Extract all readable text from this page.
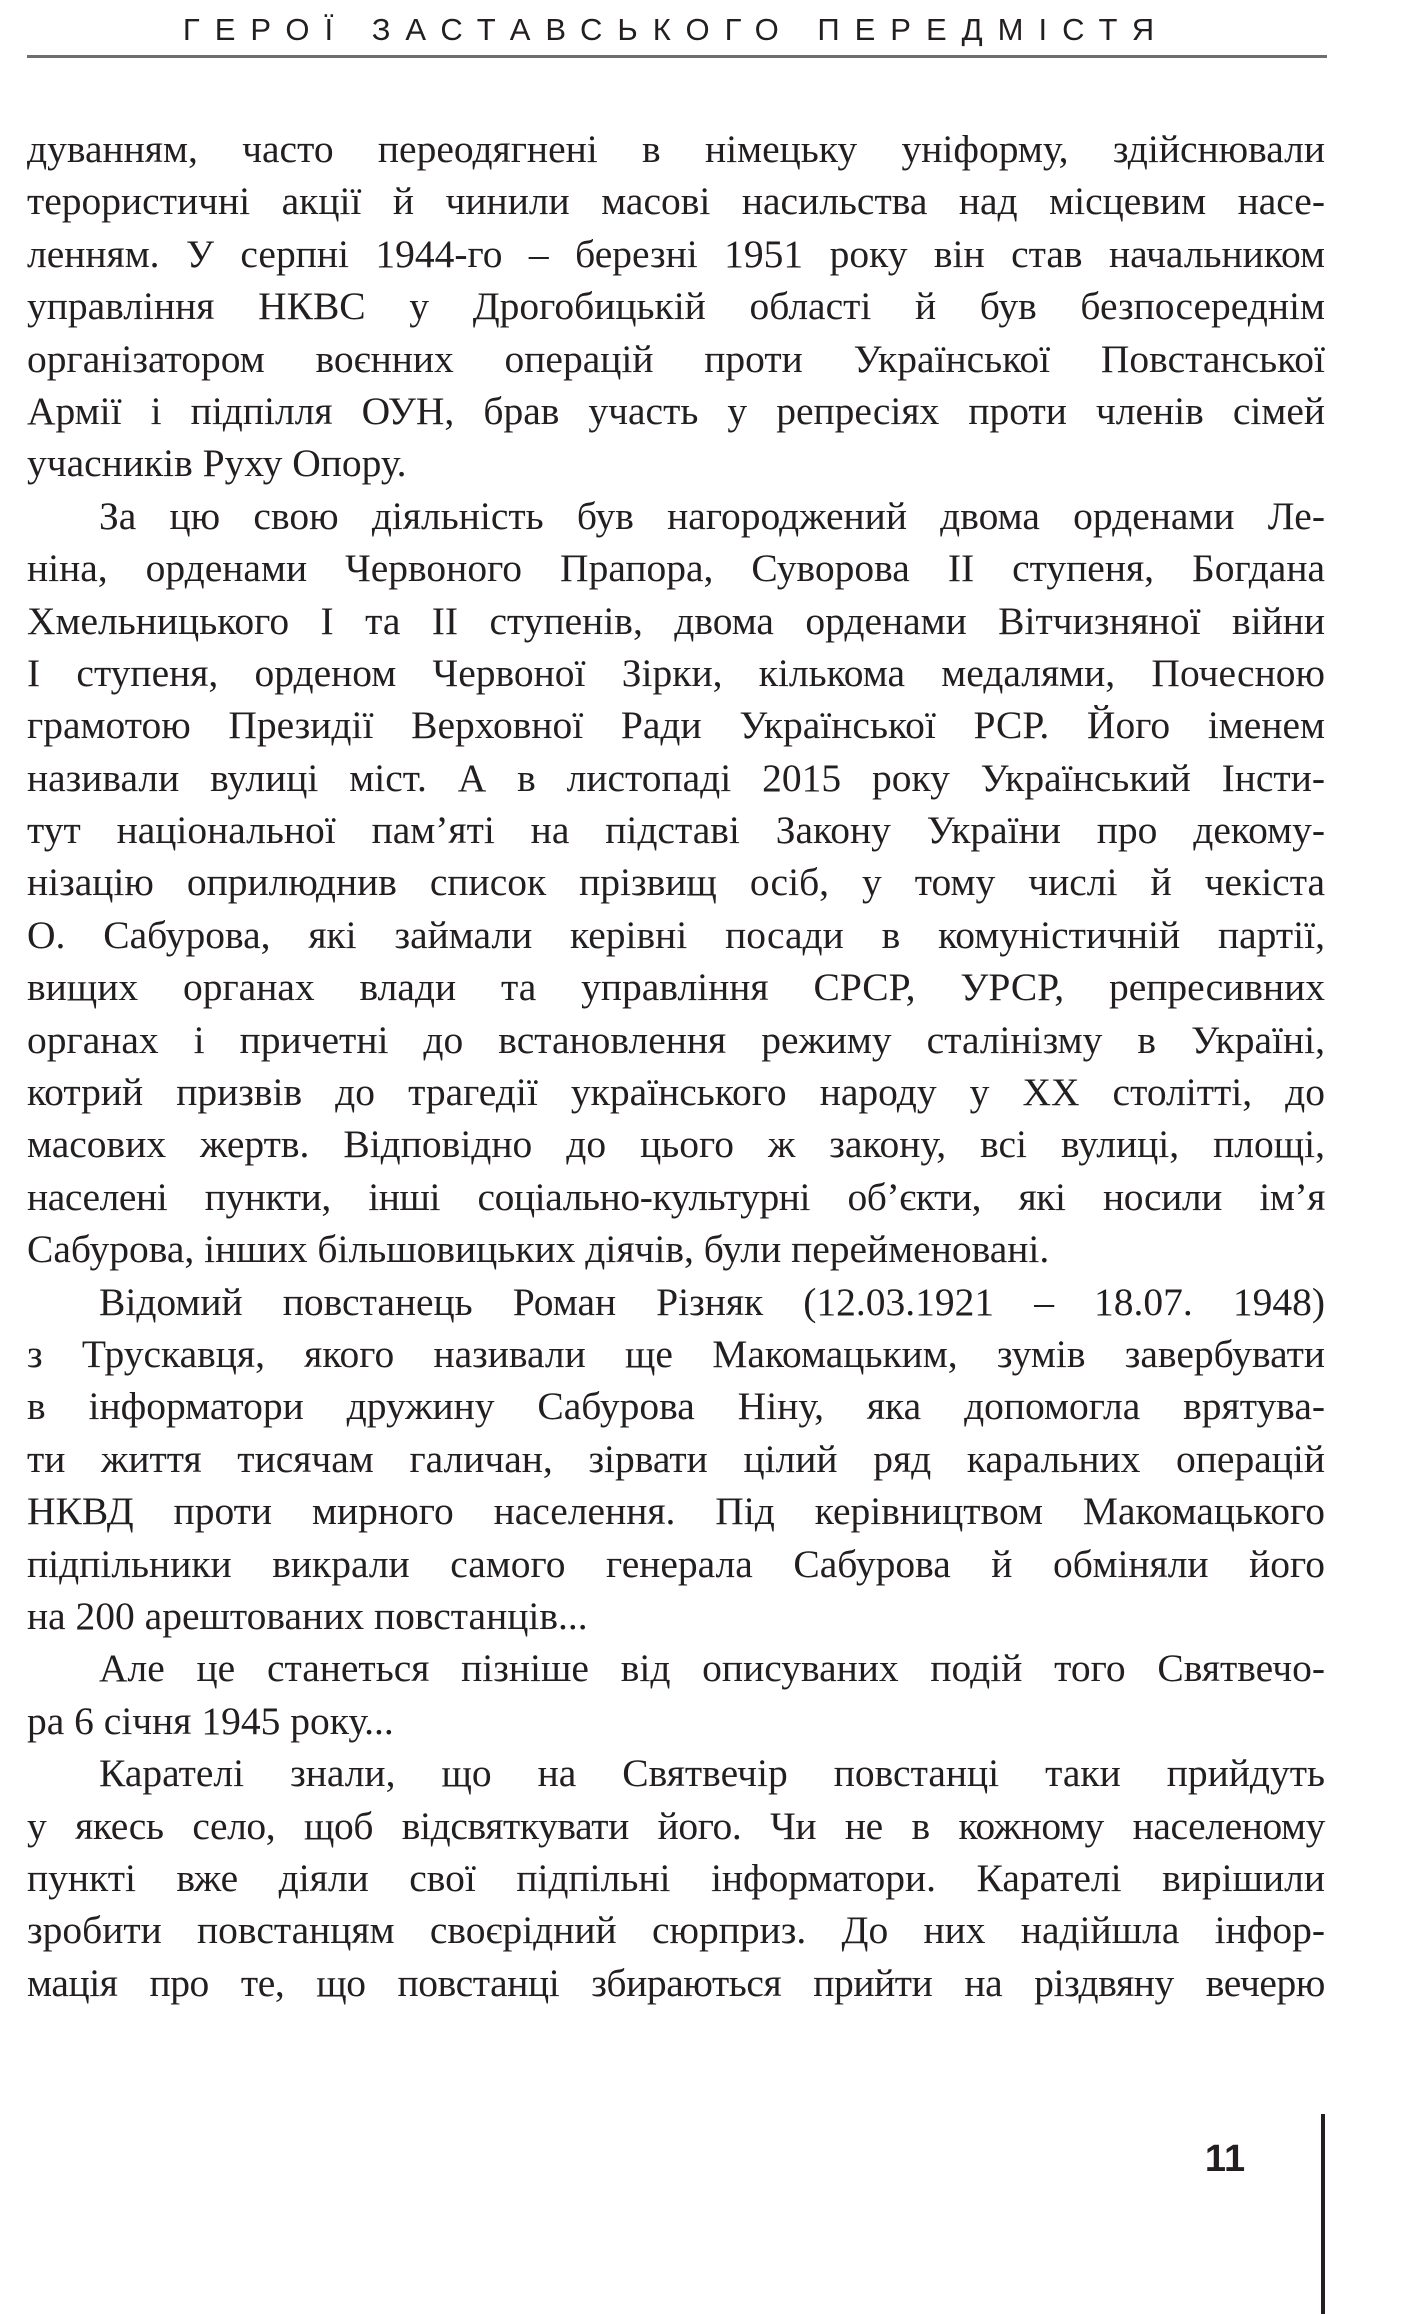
ГЕРОЇ ЗАСТАВСЬКОГО ПЕРЕДМІСТЯ
дуванням, часто переодягнені в німецьку уніформу, здійснювали
терористичні акції й чинили масові насильства над місцевим насе-
ленням. У серпні 1944-го – березні 1951 року він став начальником
управління НКВС у Дрогобицькій області й був безпосереднім
організатором воєнних операцій проти Української Повстанської
Армії і підпілля ОУН, брав участь у репресіях проти членів сімей
учасників Руху Опору.
За цю свою діяльність був нагороджений двома орденами Ле-
ніна, орденами Червоного Прапора, Суворова ІІ ступеня, Богдана
Хмельницького І та ІІ ступенів, двома орденами Вітчизняної війни
І ступеня, орденом Червоної Зірки, кількома медалями, Почесною
грамотою Президії Верховної Ради Української РСР. Його іменем
називали вулиці міст. А в листопаді 2015 року Український Інсти-
тут національної пам’яті на підставі Закону України про декому-
нізацію оприлюднив список прізвищ осіб, у тому числі й чекіста
О. Сабурова, які займали керівні посади в комуністичній партії,
вищих органах влади та управління СРСР, УРСР, репресивних
органах і причетні до встановлення режиму сталінізму в Україні,
котрий призвів до трагедії українського народу у ХХ столітті, до
масових жертв. Відповідно до цього ж закону, всі вулиці, площі,
населені пункти, інші соціально-культурні об’єкти, які носили ім’я
Сабурова, інших більшовицьких діячів, були перейменовані.
Відомий повстанець Роман Різняк (12.03.1921 – 18.07. 1948)
з Трускавця, якого називали ще Макомацьким, зумів завербувати
в інформатори дружину Сабурова Ніну, яка допомогла врятува-
ти життя тисячам галичан, зірвати цілий ряд каральних операцій
НКВД проти мирного населення. Під керівництвом Макомацького
підпільники викрали самого генерала Сабурова й обміняли його
на 200 арештованих повстанців...
Але це станеться пізніше від описуваних подій того Святвечо-
ра 6 січня 1945 року...
Карателі знали, що на Святвечір повстанці таки прийдуть
у якесь село, щоб відсвяткувати його. Чи не в кожному населеному
пункті вже діяли свої підпільні інформатори. Карателі вирішили
зробити повстанцям своєрідний сюрприз. До них надійшла інфор-
мація про те, що повстанці збираються прийти на різдвяну вечерю
11
